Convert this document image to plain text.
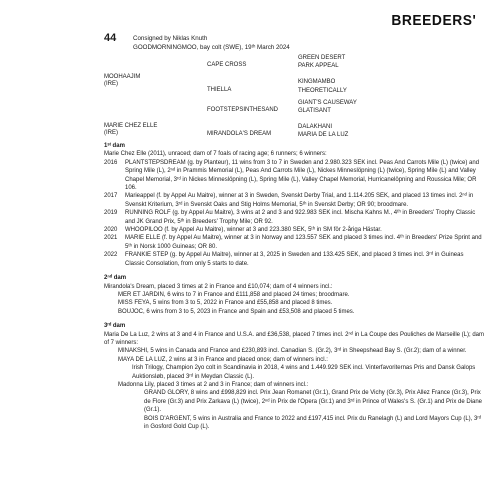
BREEDERS'
44	Consigned by Niklas Knuth
GOODMORNINGMOO, bay colt (SWE), 19ᵗʰ March 2024
MOOHAAJIM
(IRE)
CAPE CROSS
THIELLA
GREEN DESERT
PARK APPEAL
KINGMAMBO
THEORETICALLY
MARIE CHEZ ELLE
(IRE)
FOOTSTEPSINTHESAND
MIRANDOLA'S DREAM
GIANT'S CAUSEWAY
GLATISANT
DALAKHANI
MARIA DE LA LUZ

1ˢᵗ dam

Marie Chez Elle (2011), unraced; dam of 7 foals of racing age; 6 runners; 6 winners:

2016	PLANTSTEPSDREAM (g. by Planteur), 11 wins from 3 to 7 in Sweden and 2.980.323 SEK incl. Peas And Carrots Mile (L) (twice) and Spring Mile (L), 2ⁿᵈ in Prammis Memorial (L), Peas And Carrots Mile (L), Nickes Minneslöpning (L) (twice), Spring Mile (L) and Valley Chapel Memorial, 3ʳᵈ in Nickes Minneslöpning (L), Spring Mile (L), Valley Chapel Memorial, Hurricanelöpning and Roussica Mile; OR 106.
2017	Marieappel (f. by Appel Au Maitre), winner at 3 in Sweden, Svenskt Derby Trial, and 1.114.205 SEK, and placed 13 times incl. 2ⁿᵈ in Svenskt Kriterium, 3ʳᵈ in Svenskt Oaks and Stig Holms Memorial, 5ᵗʰ in Svenskt Derby; OR 90; broodmare.
2019	RUNNING ROLF (g. by Appel Au Maitre), 3 wins at 2 and 3 and 922.983 SEK incl. Mischa Kahns M., 4ᵗʰ in Breeders' Trophy Classic and JK Grand Prix, 5ᵗʰ in Breeders' Trophy Mile; OR 92.
2020	WHOOPILOO (f. by Appel Au Maitre), winner at 3 and 223.380 SEK, 5ᵗʰ in SM för 2-åriga Hästar.
2021	MARIE ELLE (f. by Appel Au Maitre), winner at 3 in Norway and 123.557 SEK and placed 3 times incl. 4ᵗʰ in Breeders' Prize Sprint and 5ᵗʰ in Norsk 1000 Guineas; OR 80.
2022	FRANKIE STEP (g. by Appel Au Maitre), winner at 3, 2025 in Sweden and 133.425 SEK, and placed 3 times incl. 3ʳᵈ in Guineas Classic Consolation, from only 5 starts to date.

2ⁿᵈ dam

Mirandola's Dream, placed 3 times at 2 in France and £10,074; dam of 4 winners incl.:

MER ET JARDIN, 6 wins to 7 in France and £111,858 and placed 24 times; broodmare.

MISS FEYA, 5 wins from 3 to 5, 2022 in France and £55,858 and placed 8 times.

BOUJOC, 6 wins from 3 to 5, 2023 in France and Spain and £53,508 and placed 5 times.

3ʳᵈ dam

Maria De La Luz, 2 wins at 3 and 4 in France and U.S.A. and £36,538, placed 7 times incl. 2ⁿᵈ in La Coupe des Pouliches de Marseille (L); dam of 7 winners:

MINAKSHI, 5 wins in Canada and France and £230,893 incl. Canadian S. (Gr.2), 3ʳᵈ in Sheepshead Bay S. (Gr.2); dam of a winner.

MAYA DE LA LUZ, 2 wins at 3 in France and placed once; dam of winners incl.:

Irish Trilogy, Champion 2yo colt in Scandinavia in 2018, 4 wins and 1.449.929 SEK incl. Vinterfavoriternas Pris and Dansk Galops Auktionsløb, placed 3ʳᵈ in Meydan Classic (L).

Madonna Lily, placed 3 times at 2 and 3 in France; dam of winners incl.:

GRAND GLORY, 8 wins and £998,829 incl. Prix Jean Romanet (Gr.1), Grand Prix de Vichy (Gr.3), Prix Allez France (Gr.3), Prix de Flore (Gr.3) and Prix Zarkava (L) (twice), 2ⁿᵈ in Prix de l'Opera (Gr.1) and 3ʳᵈ in Prince of Wales's S. (Gr.1) and Prix de Diane (Gr.1).

BOIS D'ARGENT, 5 wins in Australia and France to 2022 and £197,415 incl. Prix du Ranelagh (L) and Lord Mayors Cup (L), 3ʳᵈ in Gosford Gold Cup (L).
